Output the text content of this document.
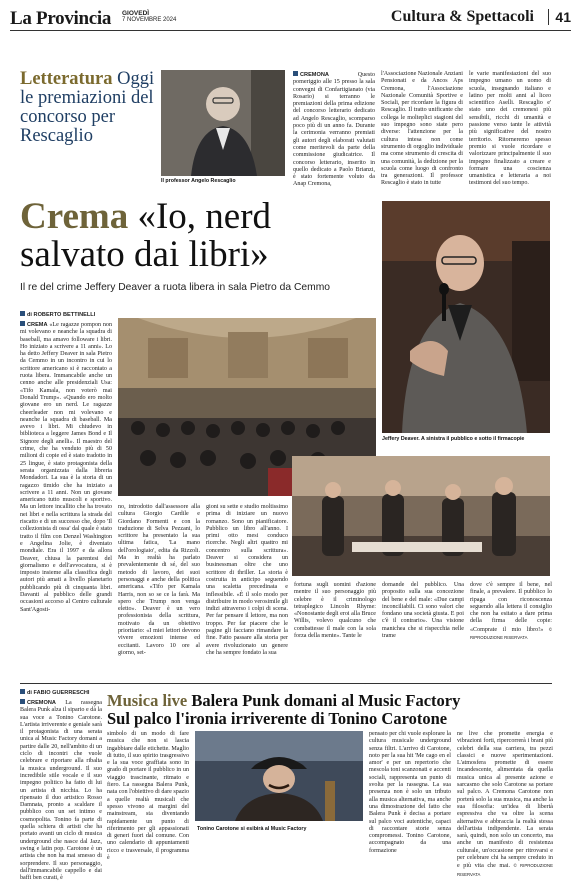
La Provincia GIOVEDÌ
7 NOVEMBRE 2024	Cultura & Spettacoli	41
Letteratura Oggi le premiazioni del concorso per Rescaglio
Il professor Angelo Rescaglio
CREMONA	Questo pomeriggio alle 15 presso la sala convegni di Confartigianato (via Rosario) si terranno le premiazioni della prima edizione del concorso letterario dedicato ad Angelo Rescaglio, scomparso poco più di un anno fa. Durante la cerimonia verranno premiati gli autori degli elaborati valutati come meritevoli da parte della commissione giudicatrice. Il concorso letterario, inserito in quello dedicato a Paolo Brianzi, è stato fortemente voluto da Anap Cremona,
l'Associazione Nazionale Anziani Pensionati e da Ancos Aps Cremona, l'Associazione Nazionale Comunità Sportive e Sociali, per ricordare la figura di Rescaglio. Il tratto unificante che collega le molteplici stagioni del suo impegno sono state pero diverse: l'attenzione per la cultura intesa non come strumento di orgoglio individuale ma come strumento di crescita di una comunità, la dedizione per la scuola come luogo di confronto tra generazioni. Il professor Rescaglio è stato in tutte
le varie manifestazioni del suo impegno umano un uomo di scuola, insegnando italiano e latino per molti anni al liceo scientifico Aselli. Rescaglio e' stato uno dei cremonesi più sensibili, ricchi di umanità e passione verso tante le attività più significative del nostro territorio. Ritorneremo spesso premio si vuole ricordare e valorizzare principalmente il suo impegno finalizzato a creare e formare una coscienza umanistica e letteraria a noi testimoni del suo tempo.
Crema «Io, nerd salvato dai libri»
Il re del crime Jeffery Deaver a ruota libera in sala Pietro da Cemmo
Jeffery Deaver. A sinistra il pubblico e sotto il firmacopie
di ROBERTO BETTINELLI
CREMA «Le ragazze pompon non mi volevano e neanche la squadra di baseball, ma amavo followare i libri. Ho iniziato a scrivere a 11 anni». Lo ha detto Jeffery Deaver in sala Pietro da Cemmo in un incontro in cui lo scrittore americano si è raccontato a ruota libera. Immancabile anche un cenno anche alle presidenziali Usa: «Tifo Kamala, non voterò mai Donald Trump». «Quando ero molto giovane ero un nerd. Le ragazze cheerleader non mi volevano e neanche la squadra di baseball. Ma avevo i libri. Mi chiudevo in biblioteca a leggere James Bond e Il Signore degli anelli». Il maestro del crime, che ha venduto più di 50 milioni di copie ed è stato tradotto in 25 lingue, è stato protagonista della serata organizzata dalla libreria Mondadori. La sua è la storia di un ragazzo timido che ha iniziato a scrivere a 11 anni. Non un giovane americano tutto muscoli e sportivo. Ma un lettore incallito che ha trovato nei libri e nella scrittura la strada del riscatto e di un successo che, dopo 'Il collezionista di ossa' dal quale è stato tratto il film con Denzel Washington e Angelina Jolie, è diventato mondiale. Era il 1997 e da allora Deaver, chiusa la parentesi del giornalismo e dell'avvocatura, si è imposto insieme alla classifica degli autori più amati a livello planetario pubblicando più di cinquanta libri. Davanti al pubblico delle grandi occasioni accorso al Centro culturale Sant'Agosti-
no, introdotto dall'assessore alla cultura Giorgio Cardile e Giordano Formenti e con la traduzione di Selva Pezzani, lo scrittore ha presentato la sua ultima fatica, 'La mano dell'orologiaio', edita da Rizzoli. Ma in realtà ha parlato prevalentemente di sé, del suo metodo di lavoro, dei suoi personaggi e anche della politica americana. «Tifo per Kamala Harris, non so se ce la farà. Ma spero che Trump non venga eletto». Deaver è un vero professionista della scrittura, motivato da un obiettivo prioritario: «I miei lettori devono vivere emozioni intense ed eccitanti. Lavoro 10 ore al giorno, set-
gioni su sette e studio moltissimo prima di iniziare un nuovo romanzo. Sono un pianificatore. Pubblico un libro all'anno. I primi otto mesi conduco ricerche. Negli altri quattro mi concentro sulla scrittura». Deaver si considera un businessman oltre che uno scrittore di thriller. La storia è costruita in anticipo seguendo una scaletta precedinata e inflessibile. «È il solo modo per distribuire in modo verosimile gli indizi attraverso i colpi di scena. Per far pensare il lettore, ma non troppo. Per far piacere che le pagine gli facciano rimandare la fine. Fatto passare alla storia per avere rivoluzionato un genere che ha sempre fondato la sua
fortuna sugli uomini d'azione mentre il suo personaggio più celebre è il criminologo tetraplegico Lincoln Rhyme: «Nonostante degli eroi alla Bruce Willis, volevo qualcuno che combattesse il male con la sola forza della mente». Tante le
domande del pubblico. Una proposito sulla sua concezione del bene e del male: «Due campi inconciliabili. Ci sono valori che fondano una società giusta. E poi c'è il contrario». Una visione manichea che si rispecchia nelle trame
dove c'è sempre il bene, nel finale, a prevalere. Il pubblico lo ripaga con riconoscenza seguendo alla lettera il consiglio che non ha esitato a dare prima della firma delle copie: «Comprate il mio libro!» © RIPRODUZIONE RISERVATA
di FABIO GUERRESCHI Musica live Balera Punk domani al Music Factory
Sul palco l'ironia irriverente di Tonino Carotone
CREMONA La rassegna Balera Punk alza il sipario e dà la sua voce a Tonino Carotone. L'artista irriverente e geniale sarà il protagonista di una serata unica al Music Factory domani a partire dalle 20, nell'ambito di un ciclo di incontri che vuole celebrare e riportare alla ribalta la musica underground. Il suo incredibile stile vocale e il suo impegno politico ha fatto di lui un artista di nicchia. Lo ha ripensato il duo artistico Rosso Damnata, pronto a scaldare il pubblico con un set intimo e cosmopolita. Tonino fa parte di quella schiera di artisti che ha portato avanti un ciclo di musica underground che nasce dal Jazz, swing e latin pop. Carotone è un artista che non ha mai smesso di sorprendere. Il suo personaggio, dall'immancabile cappello e dai baffi ben curati, è
simbolo di un modo di fare musica che non si lascia ingabbiare dalle etichette. Maglio di tutto, il suo spirito trasgressivo e la sua voce graffiata sono in grado di portare il pubblico in un viaggio trascinante, ritmato e fiero. La rassegna Balera Punk, nata con l'obiettivo di dare spazio a quelle realtà musicali che spesso vivono ai margini del mainstream, sta diventando rapidamente un punto di riferimento per gli appassionati di generi fuori dal comune. Con uno calendario di appuntamenti ricco e trasversale, il programma è
Tonino Carotone si esibirà al Music Factory
pensato per chi vuole esplorare la cultura musicale underground senza filtri. L'arrivo di Carotone, noto per la sua hit 'Me cago en el amor' e per un repertorio che mescola toni scanzonati e accenti sociali, rappresenta un punto di svolta per la rassegna. La sua presenza non è solo un tributo alla musica alternativa, ma anche una dimostrazione del fatto che Balera Punk è decisa a portare sul palco voci autentiche, capaci di raccontare storie senza compromessi. Tonino Carotone, accompagnato da una formazione
ne live che promette energia e vibrazioni forti, ripercorrerà i brani più celebri della sua carriera, tra pezzi classici e nuove sperimentazioni. L'atmosfera promette di essere incandescente, alimentata da quella musica unica al presente azione e sarcasmo che solo Carotone sa portare sul palco. A Cremona Carotone non porterà solo la sua musica, ma anche la sua filosofia: un'idea di libertà espressiva che va oltre la scena alternativa e abbraccia la realtà stessa dell'artista indipendente. La serata sarà, quindi, non solo un concerto, ma anche un manifesto di resistenza culturale, un'occasione per ritrovarsi e per celebrare chi ha sempre creduto in e più vita che mai. © RIPRODUZIONE RISERVATA
